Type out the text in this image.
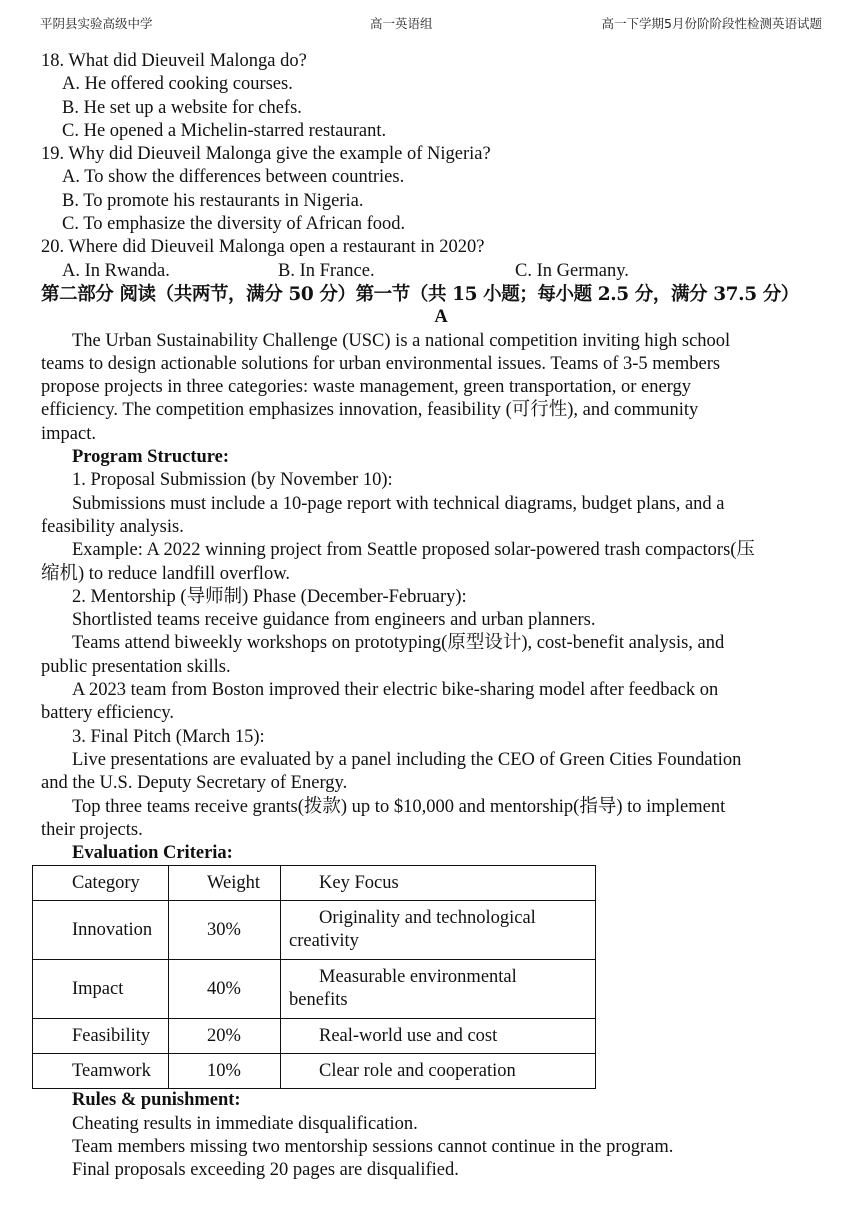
平阴县实验高级中学	高一英语组	高一下学期5月份阶阶段性检测英语试题
18. What did Dieuveil Malonga do?
A. He offered cooking courses.
B. He set up a website for chefs.
C. He opened a Michelin-starred restaurant.
19. Why did Dieuveil Malonga give the example of Nigeria?
A. To show the differences between countries.
B. To promote his restaurants in Nigeria.
C. To emphasize the diversity of African food.
20. Where did Dieuveil Malonga open a restaurant in 2020?
A. In Rwanda.	B. In France.	C. In Germany.
第二部分 阅读（共两节，满分 50 分）第一节（共 15 小题；每小题 2.5 分，满分 37.5 分）
A
The Urban Sustainability Challenge (USC) is a national competition inviting high school
teams to design actionable solutions for urban environmental issues. Teams of 3-5 members
propose projects in three categories: waste management, green transportation, or energy
efficiency. The competition emphasizes innovation, feasibility (可行性), and community
impact.
Program Structure:
1. Proposal Submission (by November 10):
Submissions must include a 10-page report with technical diagrams, budget plans, and a
feasibility analysis.
Example: A 2022 winning project from Seattle proposed solar-powered trash compactors(压
缩机) to reduce landfill overflow.
2. Mentorship (导师制) Phase (December-February):
Shortlisted teams receive guidance from engineers and urban planners.
Teams attend biweekly workshops on prototyping(原型设计), cost-benefit analysis, and
public presentation skills.
A 2023 team from Boston improved their electric bike-sharing model after feedback on
battery efficiency.
3. Final Pitch (March 15):
Live presentations are evaluated by a panel including the CEO of Green Cities Foundation
and the U.S. Deputy Secretary of Energy.
Top three teams receive grants(拨款) up to $10,000 and mentorship(指导) to implement
their projects.
Evaluation Criteria:
Category	Weight	Key Focus

Innovation	30%	Originality and technological
creativity
Impact	40%	Measurable environmental
benefits
Feasibility	20%	Real-world use and cost

Teamwork	10%	Clear role and cooperation
Rules & punishment:
Cheating results in immediate disqualification.
Team members missing two mentorship sessions cannot continue in the program.
Final proposals exceeding 20 pages are disqualified.
